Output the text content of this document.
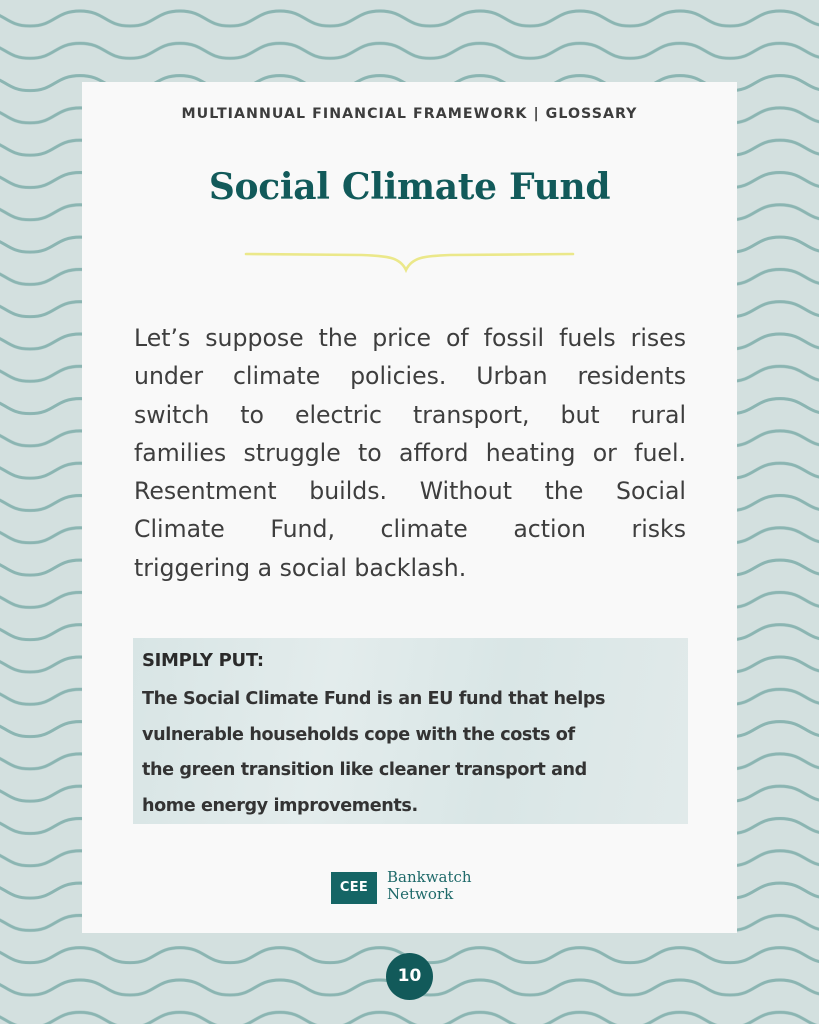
MULTIANNUAL FINANCIAL FRAMEWORK | GLOSSARY
Social Climate Fund
Let’s suppose the price of fossil fuels rises
under climate policies. Urban residents
switch to electric transport, but rural
families struggle to afford heating or fuel.
Resentment builds. Without the Social
Climate Fund, climate action risks
triggering a social backlash.
SIMPLY PUT:
The Social Climate Fund is an EU fund that helps
vulnerable households cope with the costs of
the green transition like cleaner transport and
home energy improvements.
CEE
Bankwatch
Network
10
